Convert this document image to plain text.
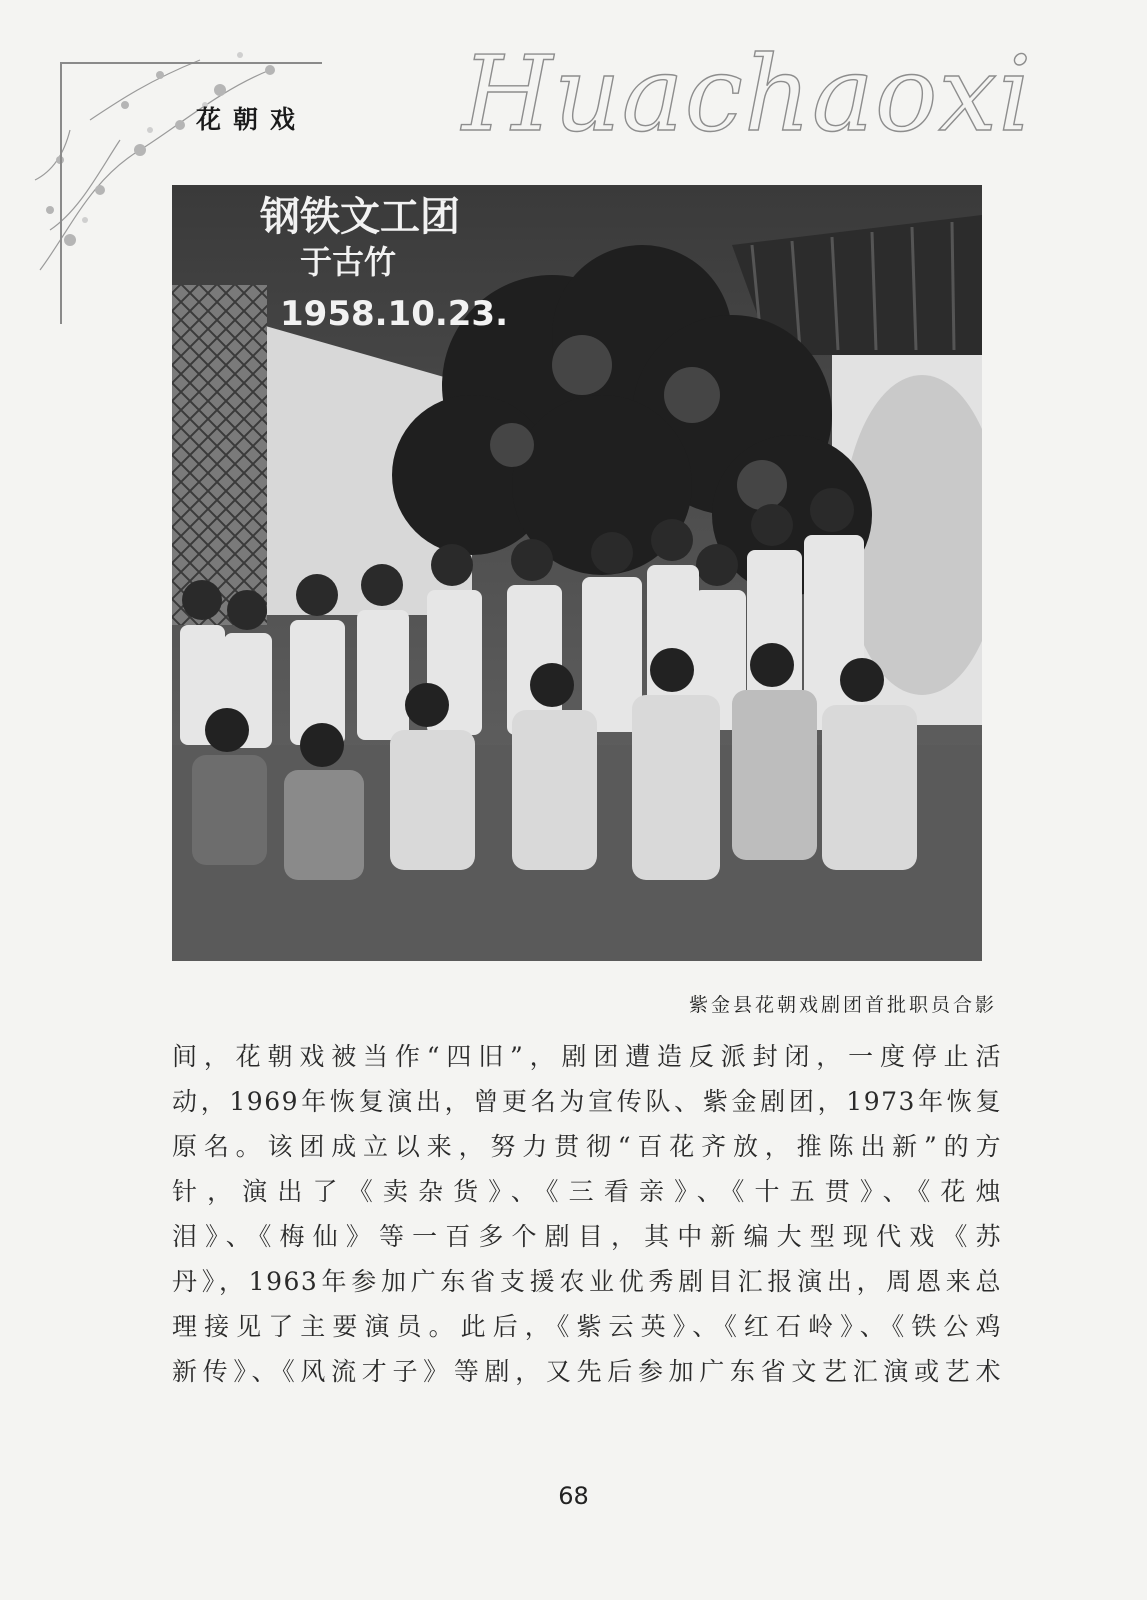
花朝戏 Huachaoxi
钢铁文工团
于古竹
1958.10.23.
紫金县花朝戏剧团首批职员合影
间，花朝戏被当作“四旧”，剧团遭造反派封闭，一度停止活
动，1969年恢复演出，曾更名为宣传队、紫金剧团，1973年恢复
原名。该团成立以来，努力贯彻“百花齐放，推陈出新”的方
针，演出了《卖杂货》、《三看亲》、《十五贯》、《花烛
泪》、《梅仙》等一百多个剧目，其中新编大型现代戏《苏
丹》，1963年参加广东省支援农业优秀剧目汇报演出，周恩来总
理接见了主要演员。此后，《紫云英》、《红石岭》、《铁公鸡
新传》、《风流才子》等剧，又先后参加广东省文艺汇演或艺术
68
